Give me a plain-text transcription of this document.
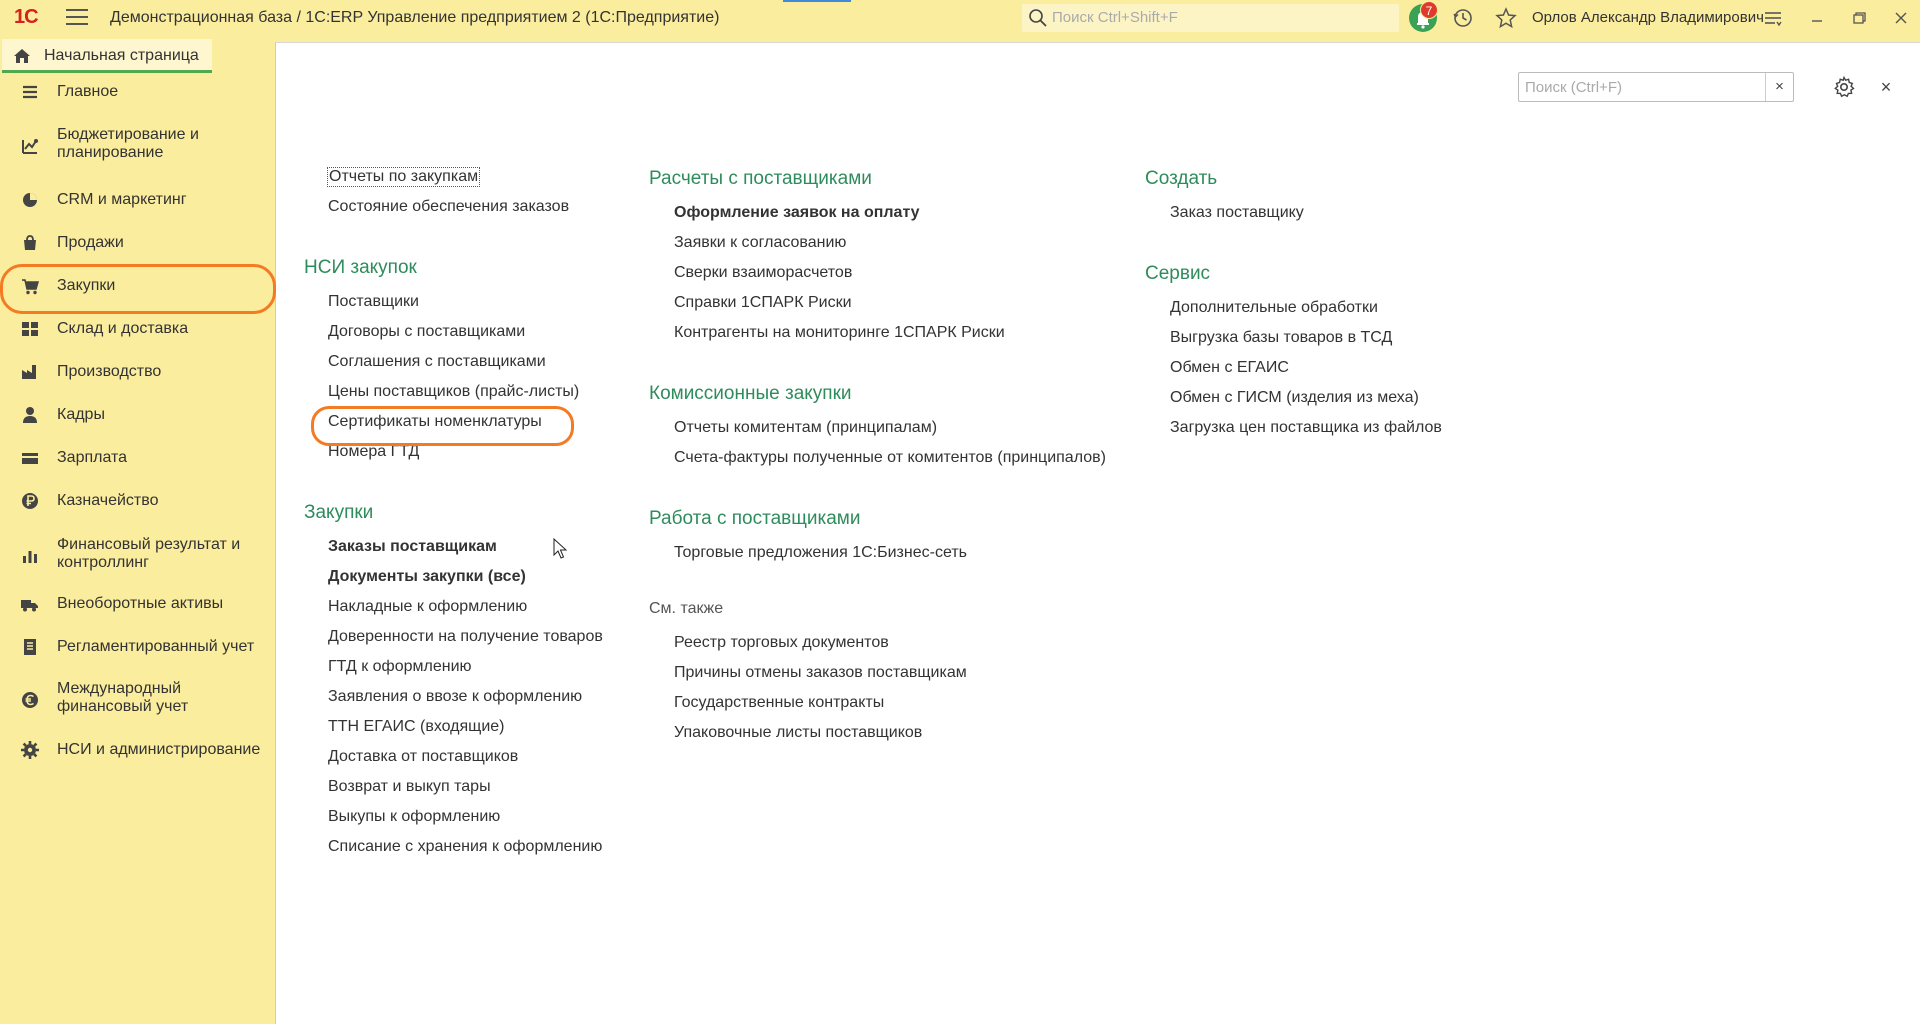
1С	Демонстрационная база / 1С:ERP Управление предприятием 2 (1С:Предприятие)	Поиск Ctrl+Shift+F	7	Орлов Александр Владимирович
Начальная страница
Главное
Бюджетирование и
планирование
CRM и маркетинг
Продажи
Закупки
Склад и доставка
Производство
Кадры
Зарплата
Казначейство
Финансовый результат и
контроллинг
Внеоборотные активы
Регламентированный учет
Международный
финансовый учет
НСИ и администрирование
Поиск (Ctrl+F)	×	×
Отчеты по закупкам
Состояние обеспечения заказов
НСИ закупок
Поставщики
Договоры с поставщиками
Соглашения с поставщиками
Цены поставщиков (прайс-листы)
Сертификаты номенклатуры
Номера ГТД
Закупки
Заказы поставщикам
Документы закупки (все)
Накладные к оформлению
Доверенности на получение товаров
ГТД к оформлению
Заявления о ввозе к оформлению
ТТН ЕГАИС (входящие)
Доставка от поставщиков
Возврат и выкуп тары
Выкупы к оформлению
Списание с хранения к оформлению
Расчеты с поставщиками
Оформление заявок на оплату
Заявки к согласованию
Сверки взаиморасчетов
Справки 1СПАРК Риски
Контрагенты на мониторинге 1СПАРК Риски
Комиссионные закупки
Отчеты комитентам (принципалам)
Счета-фактуры полученные от комитентов (принципалов)
Работа с поставщиками
Торговые предложения 1С:Бизнес-сеть
См. также
Реестр торговых документов
Причины отмены заказов поставщикам
Государственные контракты
Упаковочные листы поставщиков
Создать
Заказ поставщику
Сервис
Дополнительные обработки
Выгрузка базы товаров в ТСД
Обмен с ЕГАИС
Обмен с ГИСМ (изделия из меха)
Загрузка цен поставщика из файлов
